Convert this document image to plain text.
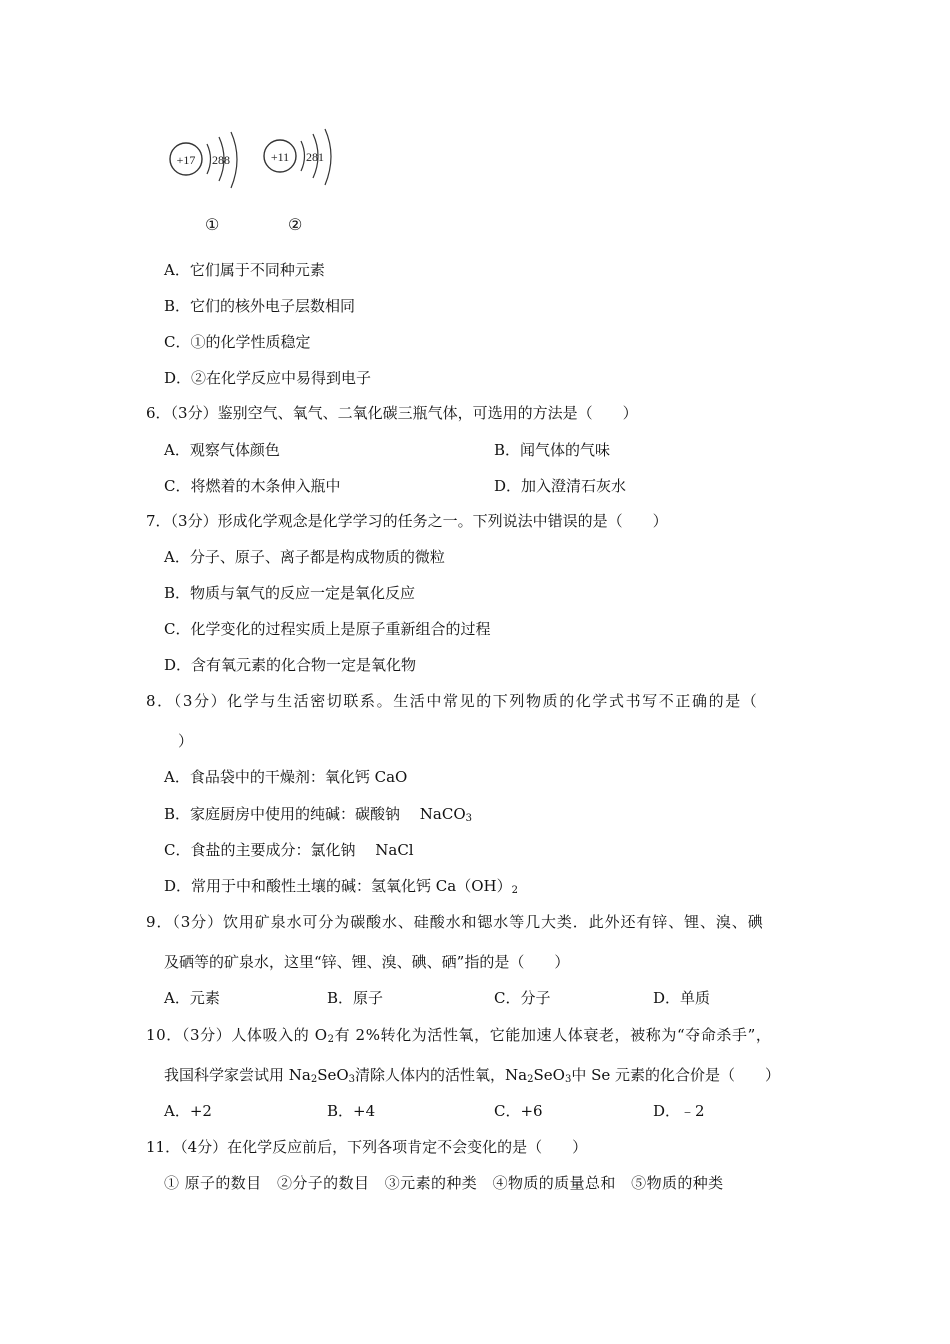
+17 288
①
+11 281
②
A．它们属于不同种元素
B．它们的核外电子层数相同
C．①的化学性质稳定
D．②在化学反应中易得到电子
6．（3分）鉴别空气、氧气、二氧化碳三瓶气体，可选用的方法是（　　）
A．观察气体颜色	B．闻气体的气味
C．将燃着的木条伸入瓶中	D．加入澄清石灰水
7．（3分）形成化学观念是化学学习的任务之一。下列说法中错误的是（　　）
A．分子、原子、离子都是构成物质的微粒
B．物质与氧气的反应一定是氧化反应
C．化学变化的过程实质上是原子重新组合的过程
D．含有氧元素的化合物一定是氧化物
8．（3分）化学与生活密切联系。生活中常见的下列物质的化学式书写不正确的是（
）
A．食品袋中的干燥剂：氧化钙 CaO
B．家庭厨房中使用的纯碱：碳酸钠　 NaCO$_3$
C．食盐的主要成分：氯化钠　 NaCl
D．常用于中和酸性土壤的碱：氢氧化钙 $Ca(OH)_2$
9．（3分）饮用矿泉水可分为碳酸水、硅酸水和锶水等几大类．此外还有锌、锂、溴、碘
及硒等的矿泉水，这里“锌、锂、溴、碘、硒”指的是（　　）
A．元素	B．原子	C．分子	D．单质
10．（3分）人体吸入的 $O_2$有 2%转化为活性氧，它能加速人体衰老，被称为“夺命杀手”，
我国科学家尝试用 $Na_2SeO_3$清除人体内的活性氧，$Na_2SeO_3$中 Se 元素的化合价是（　　）
A．+2	B．+4	C．+6	D．﹣2
11．（4分）在化学反应前后，下列各项肯定不会变化的是（　　）
① 原子的数目　②分子的数目　③元素的种类　④物质的质量总和　⑤物质的种类
